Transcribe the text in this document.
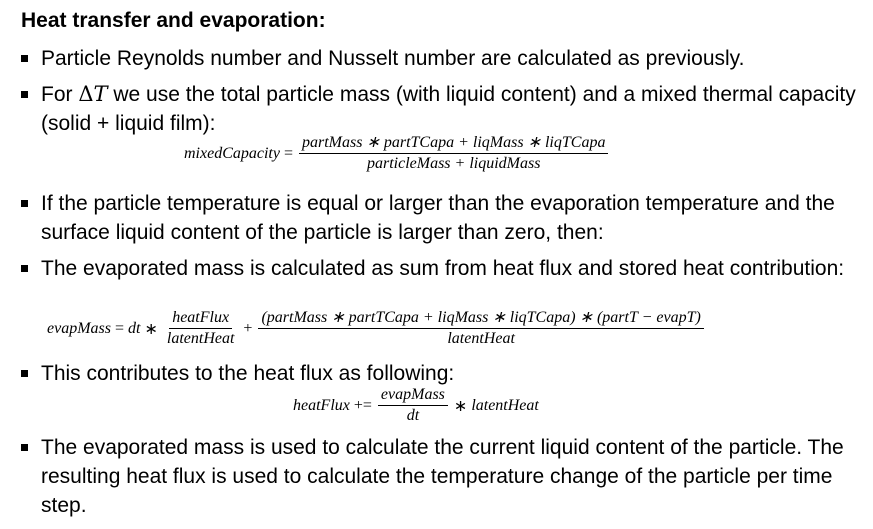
Heat transfer and evaporation:
Particle Reynolds number and Nusselt number are calculated as previously.
For ΔT we use the total particle mass (with liquid content) and a mixed thermal capacity (solid + liquid film):
mixedCapacity = $\frac{\text{partMass ∗ partTCapa + liqMass ∗ liqTCapa}}{\text{particleMass + liquidMass}}$
If the particle temperature is equal or larger than the evaporation temperature and the surface liquid content of the particle is larger than zero, then:
The evaporated mass is calculated as sum from heat flux and stored heat contribution:
evapMass = dt ∗ $\frac{\text{heatFlux}}{\text{latentHeat}}$ +
(partMass ∗ partTCapa + liqMass ∗ liqTCapa) ∗ (partT − evapT)
latentHeat
This contributes to the heat flux as following:
heatFlux += $\frac{\text{evapMass}}{dt}$ ∗ latentHeat
The evaporated mass is used to calculate the current liquid content of the particle. The resulting heat flux is used to calculate the temperature change of the particle per time step.
